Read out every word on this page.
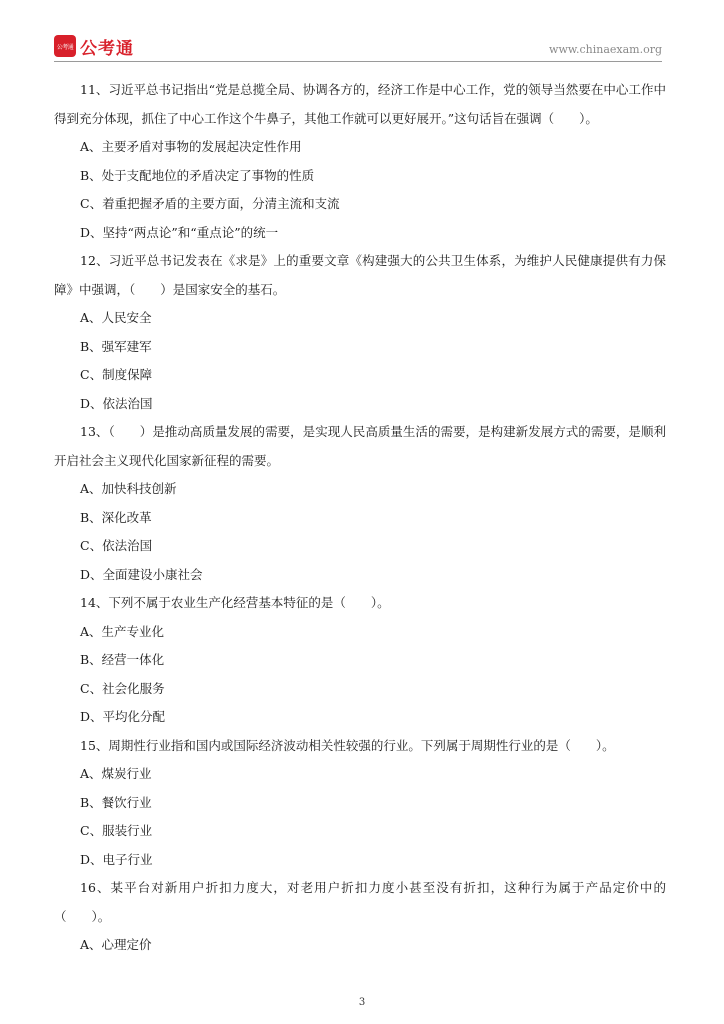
公考通 公考通	www.chinaexam.org

11、习近平总书记指出“党是总揽全局、协调各方的，经济工作是中心工作，党的领导当然要在中心工作中得到充分体现，抓住了中心工作这个牛鼻子，其他工作就可以更好展开。”这句话旨在强调（　　）。

A、主要矛盾对事物的发展起决定性作用

B、处于支配地位的矛盾决定了事物的性质

C、着重把握矛盾的主要方面，分清主流和支流

D、坚持“两点论”和“重点论”的统一

12、习近平总书记发表在《求是》上的重要文章《构建强大的公共卫生体系，为维护人民健康提供有力保障》中强调，（　　）是国家安全的基石。

A、人民安全

B、强军建军

C、制度保障

D、依法治国

13、（　　）是推动高质量发展的需要，是实现人民高质量生活的需要，是构建新发展方式的需要，是顺利开启社会主义现代化国家新征程的需要。

A、加快科技创新

B、深化改革

C、依法治国

D、全面建设小康社会

14、下列不属于农业生产化经营基本特征的是（　　）。

A、生产专业化

B、经营一体化

C、社会化服务

D、平均化分配

15、周期性行业指和国内或国际经济波动相关性较强的行业。下列属于周期性行业的是（　　）。

A、煤炭行业

B、餐饮行业

C、服装行业

D、电子行业

16、某平台对新用户折扣力度大，对老用户折扣力度小甚至没有折扣，这种行为属于产品定价中的（　　）。

A、心理定价

3
